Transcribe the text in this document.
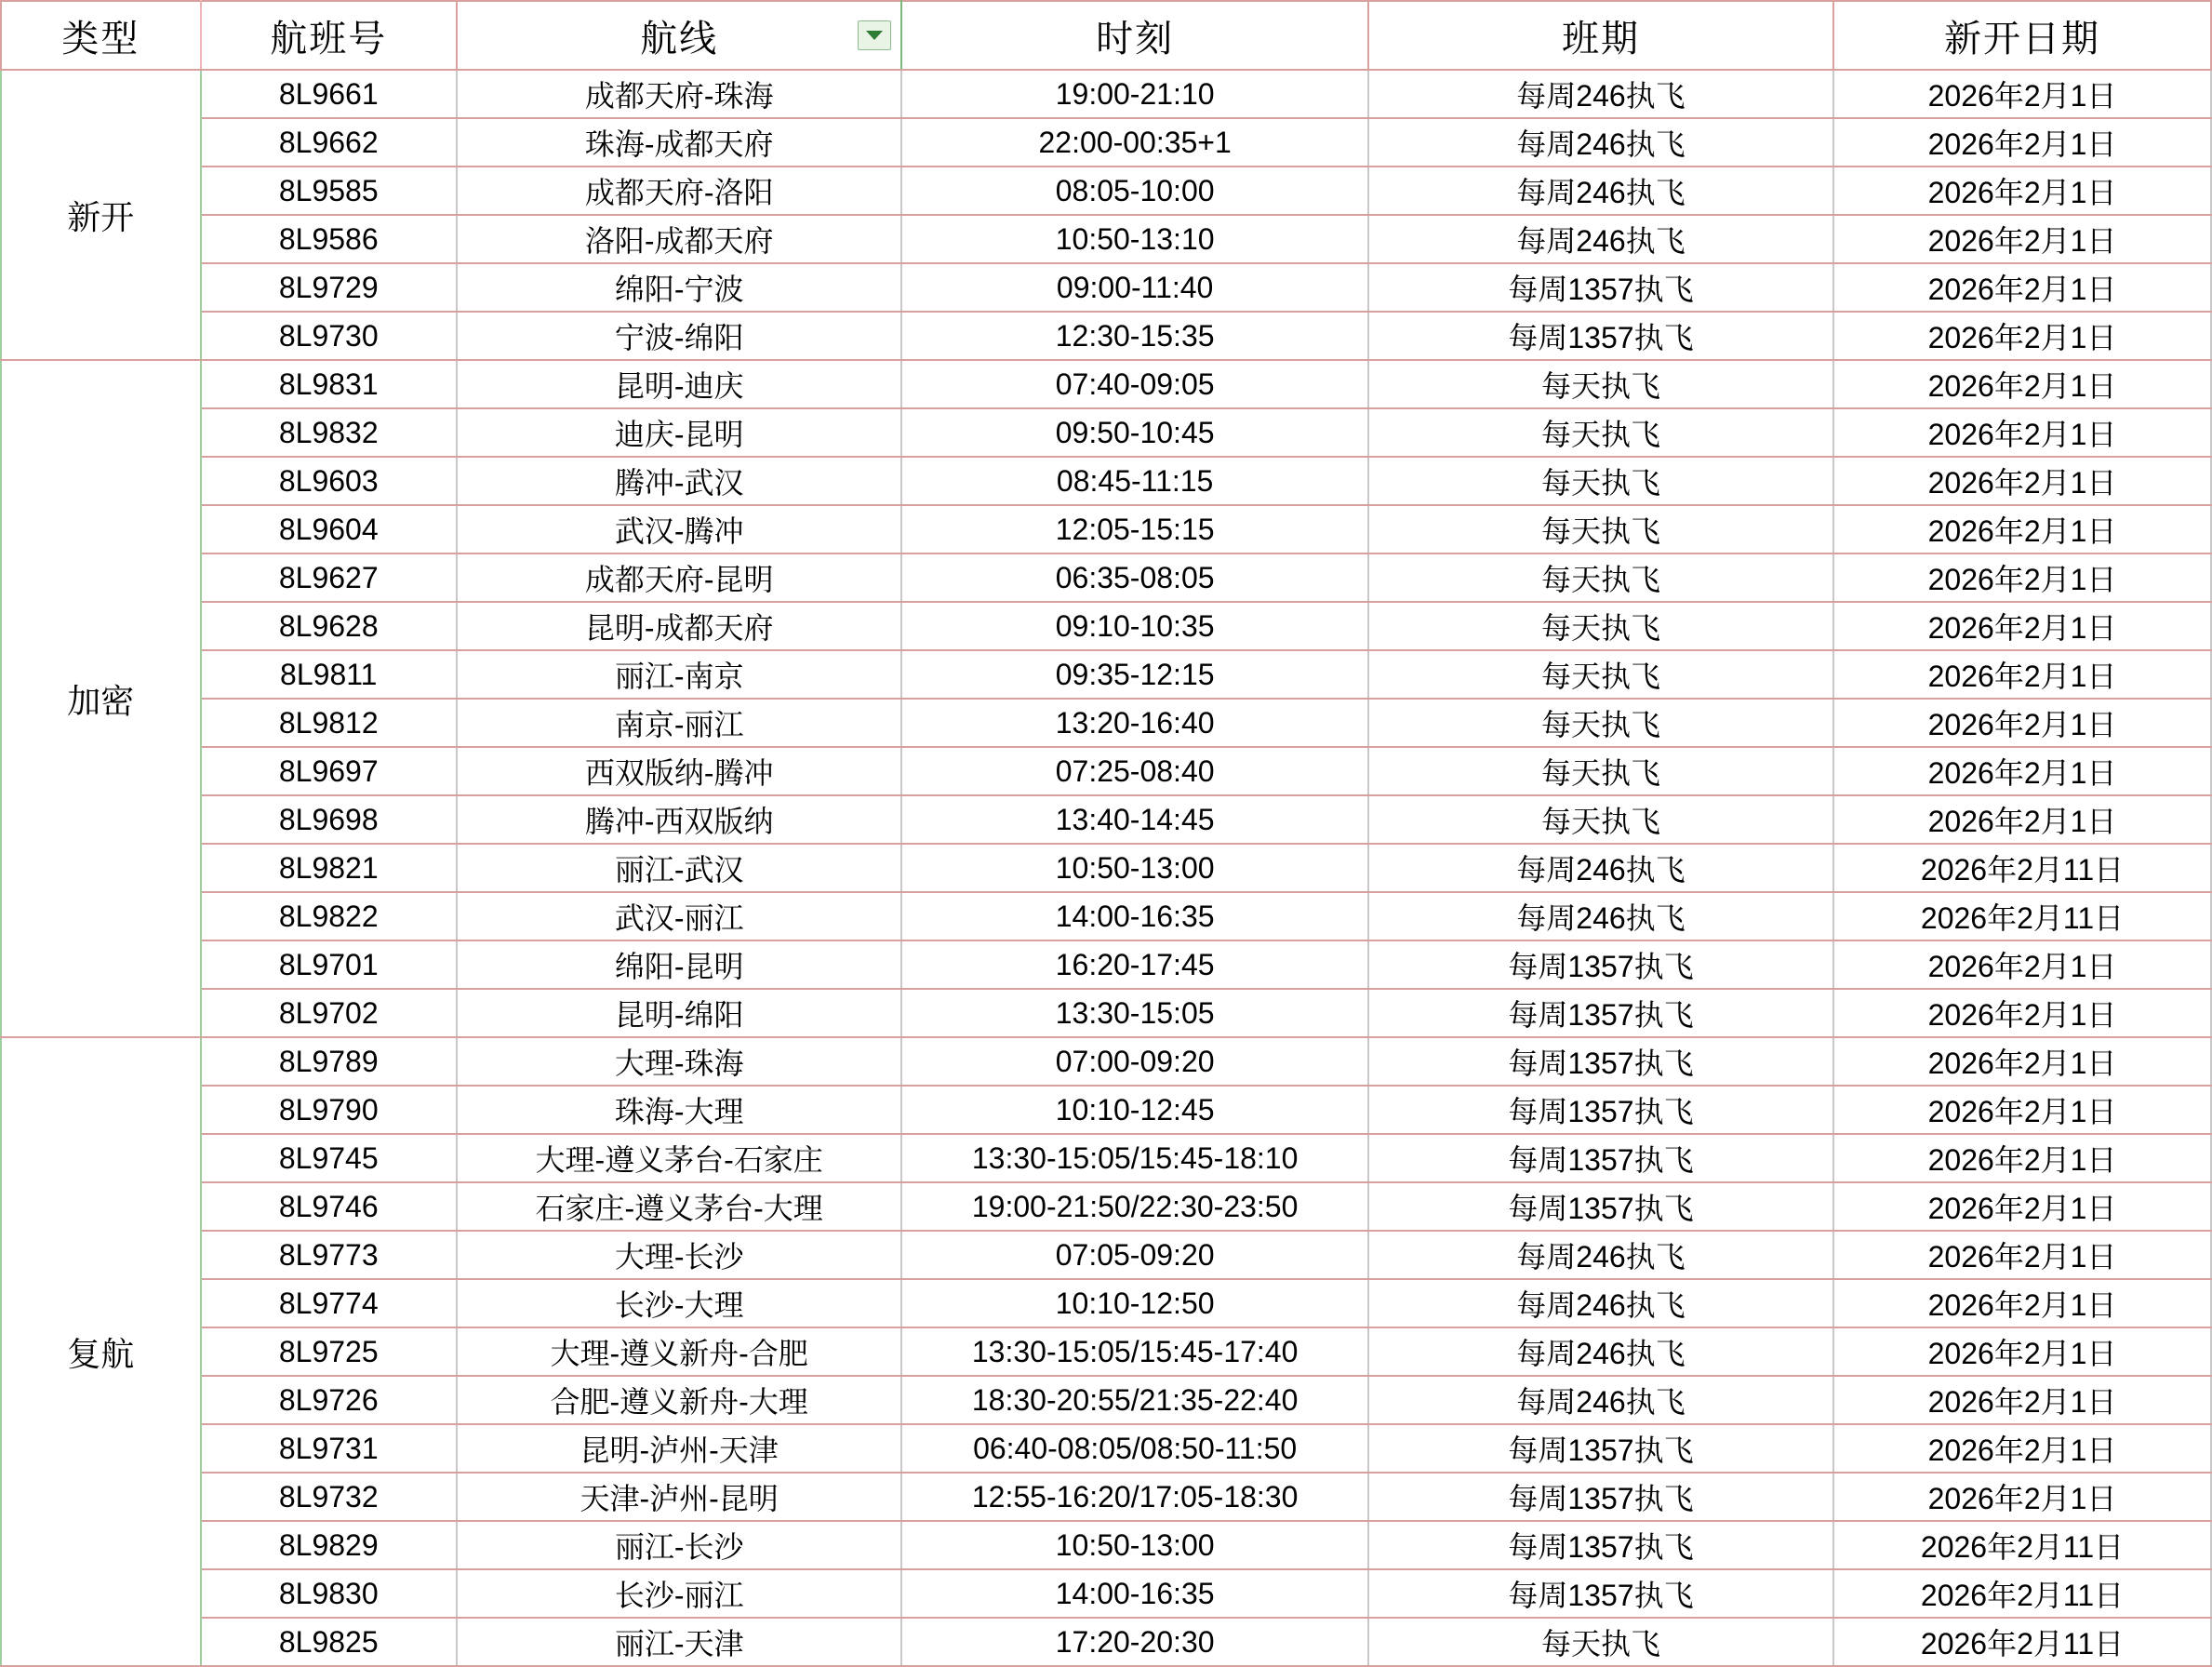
类型	航班号	航线	时刻	班期	新开日期
新开	8L9661	成都天府-珠海	19:00-21:10	每周246执飞	2026年2月1日
	8L9662	珠海-成都天府	22:00-00:35+1	每周246执飞	2026年2月1日
	8L9585	成都天府-洛阳	08:05-10:00	每周246执飞	2026年2月1日
	8L9586	洛阳-成都天府	10:50-13:10	每周246执飞	2026年2月1日
	8L9729	绵阳-宁波	09:00-11:40	每周1357执飞	2026年2月1日
	8L9730	宁波-绵阳	12:30-15:35	每周1357执飞	2026年2月1日
加密	8L9831	昆明-迪庆	07:40-09:05	每天执飞	2026年2月1日
	8L9832	迪庆-昆明	09:50-10:45	每天执飞	2026年2月1日
	8L9603	腾冲-武汉	08:45-11:15	每天执飞	2026年2月1日
	8L9604	武汉-腾冲	12:05-15:15	每天执飞	2026年2月1日
	8L9627	成都天府-昆明	06:35-08:05	每天执飞	2026年2月1日
	8L9628	昆明-成都天府	09:10-10:35	每天执飞	2026年2月1日
	8L9811	丽江-南京	09:35-12:15	每天执飞	2026年2月1日
	8L9812	南京-丽江	13:20-16:40	每天执飞	2026年2月1日
	8L9697	西双版纳-腾冲	07:25-08:40	每天执飞	2026年2月1日
	8L9698	腾冲-西双版纳	13:40-14:45	每天执飞	2026年2月1日
	8L9821	丽江-武汉	10:50-13:00	每周246执飞	2026年2月11日
	8L9822	武汉-丽江	14:00-16:35	每周246执飞	2026年2月11日
	8L9701	绵阳-昆明	16:20-17:45	每周1357执飞	2026年2月1日
	8L9702	昆明-绵阳	13:30-15:05	每周1357执飞	2026年2月1日
复航	8L9789	大理-珠海	07:00-09:20	每周1357执飞	2026年2月1日
	8L9790	珠海-大理	10:10-12:45	每周1357执飞	2026年2月1日
	8L9745	大理-遵义茅台-石家庄	13:30-15:05/15:45-18:10	每周1357执飞	2026年2月1日
	8L9746	石家庄-遵义茅台-大理	19:00-21:50/22:30-23:50	每周1357执飞	2026年2月1日
	8L9773	大理-长沙	07:05-09:20	每周246执飞	2026年2月1日
	8L9774	长沙-大理	10:10-12:50	每周246执飞	2026年2月1日
	8L9725	大理-遵义新舟-合肥	13:30-15:05/15:45-17:40	每周246执飞	2026年2月1日
	8L9726	合肥-遵义新舟-大理	18:30-20:55/21:35-22:40	每周246执飞	2026年2月1日
	8L9731	昆明-泸州-天津	06:40-08:05/08:50-11:50	每周1357执飞	2026年2月1日
	8L9732	天津-泸州-昆明	12:55-16:20/17:05-18:30	每周1357执飞	2026年2月1日
	8L9829	丽江-长沙	10:50-13:00	每周1357执飞	2026年2月11日
	8L9830	长沙-丽江	14:00-16:35	每周1357执飞	2026年2月11日
	8L9825	丽江-天津	17:20-20:30	每天执飞	2026年2月11日
